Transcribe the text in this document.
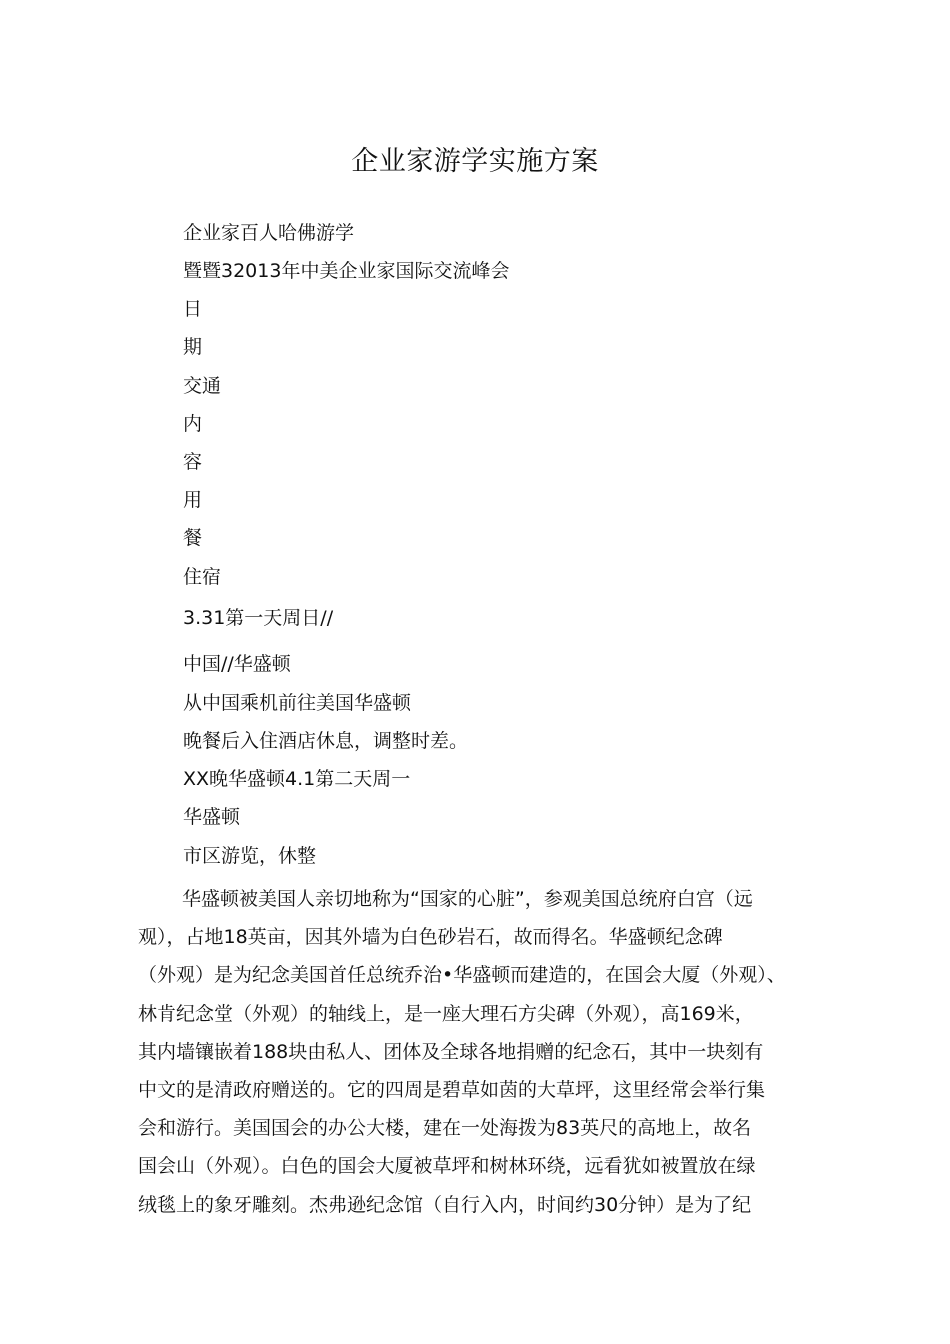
企业家游学实施方案
企业家百人哈佛游学
暨暨32013年中美企业家国际交流峰会
日
期
交通
内
容
用
餐
住宿
3.31第一天周日//
中国//华盛顿
从中国乘机前往美国华盛顿
晚餐后入住酒店休息，调整时差。
XX晚华盛顿4.1第二天周一
华盛顿
市区游览，休整
华盛顿被美国人亲切地称为“国家的心脏”，参观美国总统府白宫（远
观），占地18英亩，因其外墙为白色砂岩石，故而得名。华盛顿纪念碑
（外观）是为纪念美国首任总统乔治•华盛顿而建造的，在国会大厦（外观）、
林肯纪念堂（外观）的轴线上，是一座大理石方尖碑（外观），高169米，
其内墙镶嵌着188块由私人、团体及全球各地捐赠的纪念石，其中一块刻有
中文的是清政府赠送的。它的四周是碧草如茵的大草坪，这里经常会举行集
会和游行。美国国会的办公大楼，建在一处海拨为83英尺的高地上，故名
国会山（外观）。白色的国会大厦被草坪和树林环绕，远看犹如被置放在绿
绒毯上的象牙雕刻。杰弗逊纪念馆（自行入内，时间约30分钟）是为了纪
